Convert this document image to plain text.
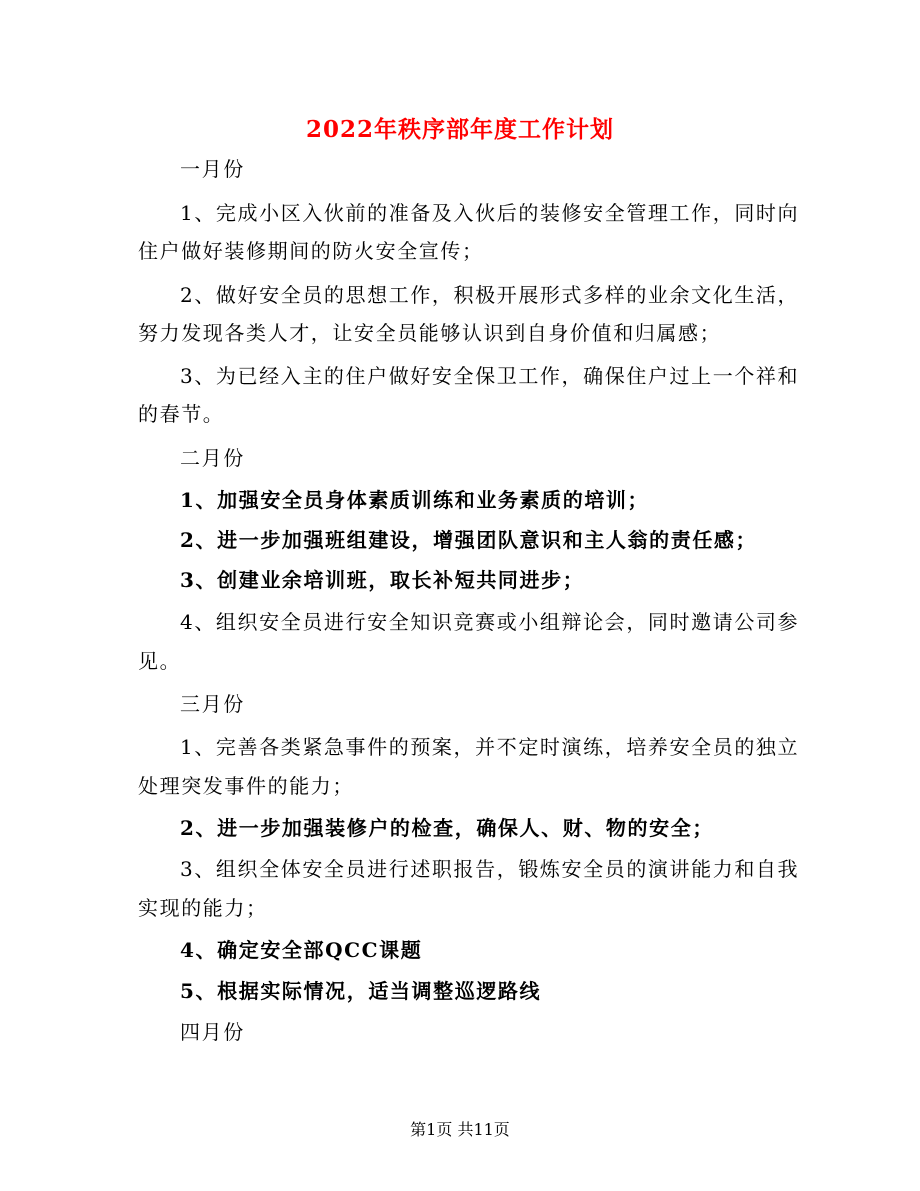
2022年秩序部年度工作计划
一月份
1、完成小区入伙前的准备及入伙后的装修安全管理工作，同时向
住户做好装修期间的防火安全宣传；
2、做好安全员的思想工作，积极开展形式多样的业余文化生活，
努力发现各类人才，让安全员能够认识到自身价值和归属感；
3、为已经入主的住户做好安全保卫工作，确保住户过上一个祥和
的春节。
二月份
1、加强安全员身体素质训练和业务素质的培训；
2、进一步加强班组建设，增强团队意识和主人翁的责任感；
3、创建业余培训班，取长补短共同进步；
4、组织安全员进行安全知识竞赛或小组辩论会，同时邀请公司参
见。
三月份
1、完善各类紧急事件的预案，并不定时演练，培养安全员的独立
处理突发事件的能力；
2、进一步加强装修户的检查，确保人、财、物的安全；
3、组织全体安全员进行述职报告，锻炼安全员的演讲能力和自我
实现的能力；
4、确定安全部QCC课题
5、根据实际情况，适当调整巡逻路线
四月份
第1页 共11页
